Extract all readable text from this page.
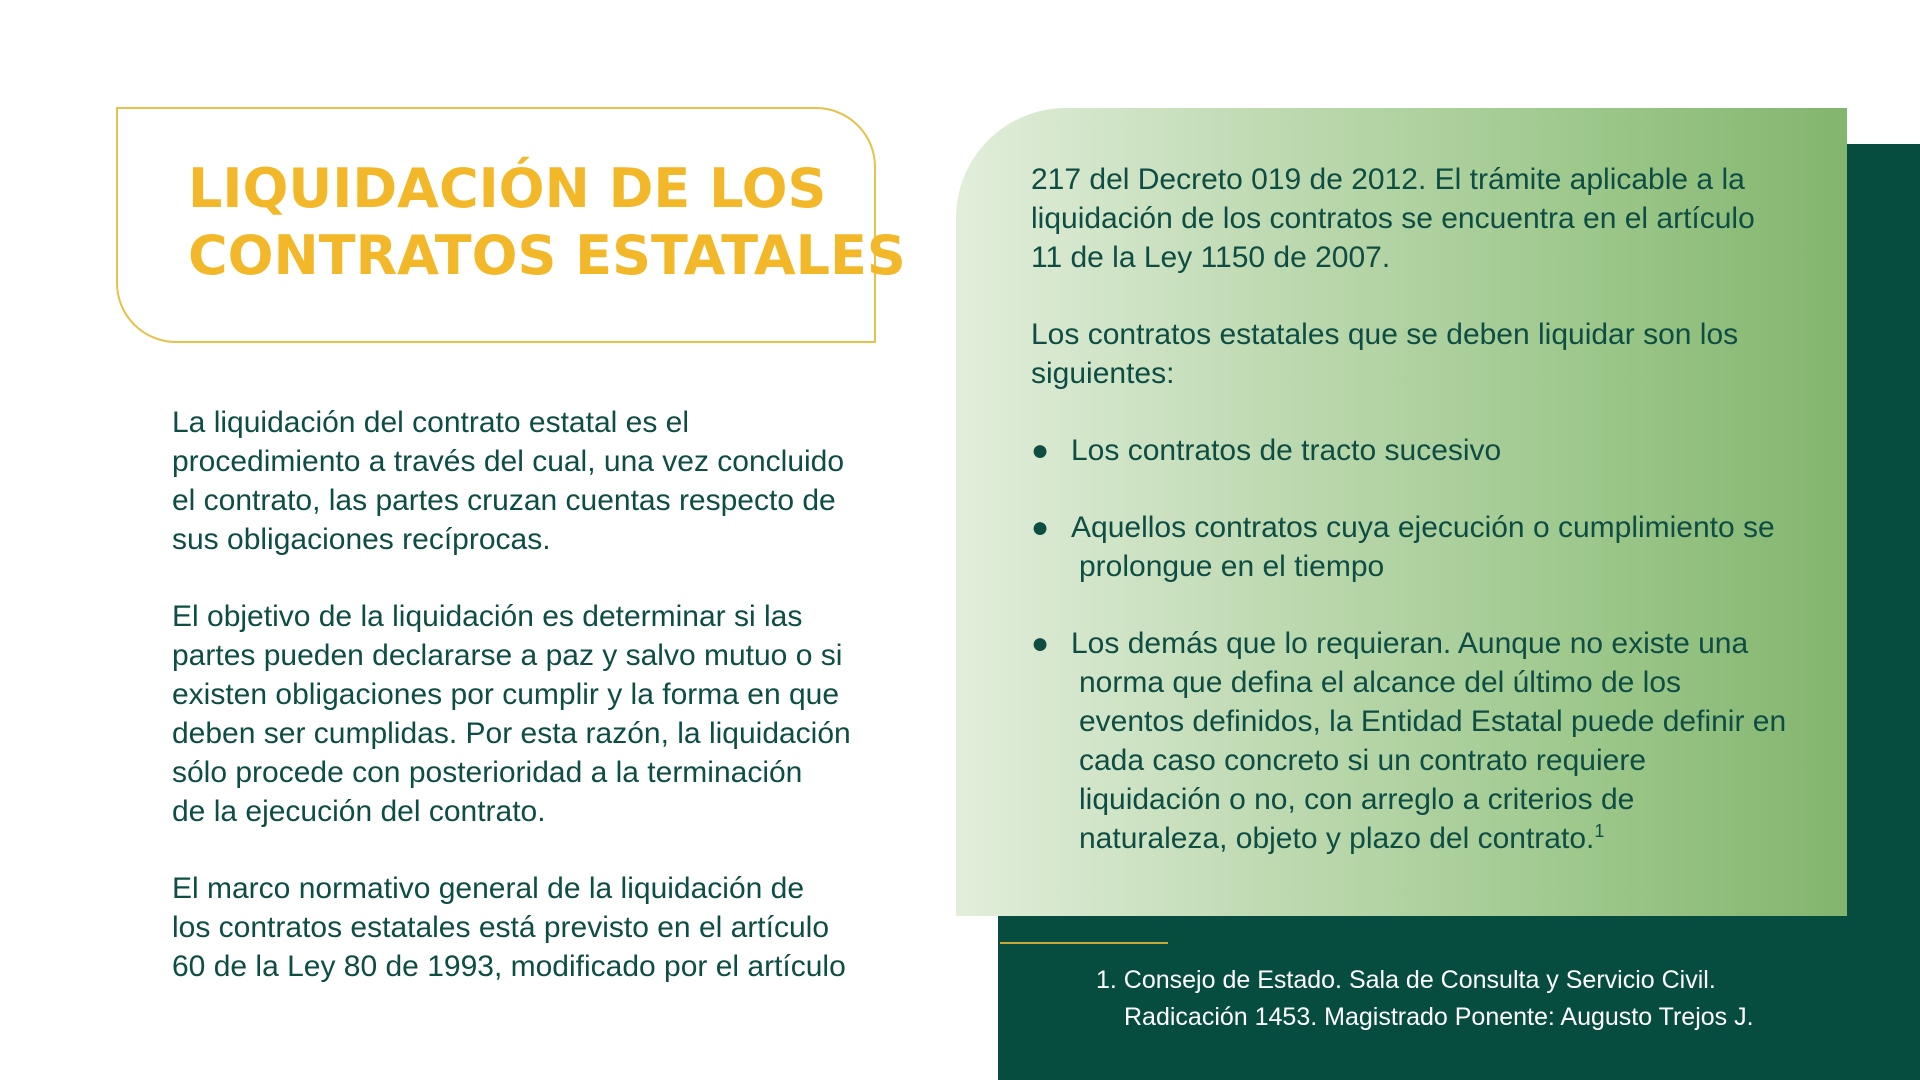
LIQUIDACIÓN DE LOS
CONTRATOS ESTATALES

La liquidación del contrato estatal es el
procedimiento a través del cual, una vez concluido
el contrato, las partes cruzan cuentas respecto de
sus obligaciones recíprocas.

El objetivo de la liquidación es determinar si las
partes pueden declararse a paz y salvo mutuo o si
existen obligaciones por cumplir y la forma en que
deben ser cumplidas. Por esta razón, la liquidación
sólo procede con posterioridad a la terminación
de la ejecución del contrato.

El marco normativo general de la liquidación de
los contratos estatales está previsto en el artículo
60 de la Ley 80 de 1993, modificado por el artículo

217 del Decreto 019 de 2012. El trámite aplicable a la
liquidación de los contratos se encuentra en el artículo
11 de la Ley 1150 de 2007.

Los contratos estatales que se deben liquidar son los
siguientes:

● Los contratos de tracto sucesivo
● Aquellos contratos cuya ejecución o cumplimiento se
prolongue en el tiempo
● Los demás que lo requieran. Aunque no existe una
norma que defina el alcance del último de los
eventos definidos, la Entidad Estatal puede definir en
cada caso concreto si un contrato requiere
liquidación o no, con arreglo a criterios de
naturaleza, objeto y plazo del contrato.$^1$
1. Consejo de Estado. Sala de Consulta y Servicio Civil.
Radicación 1453. Magistrado Ponente: Augusto Trejos J.
